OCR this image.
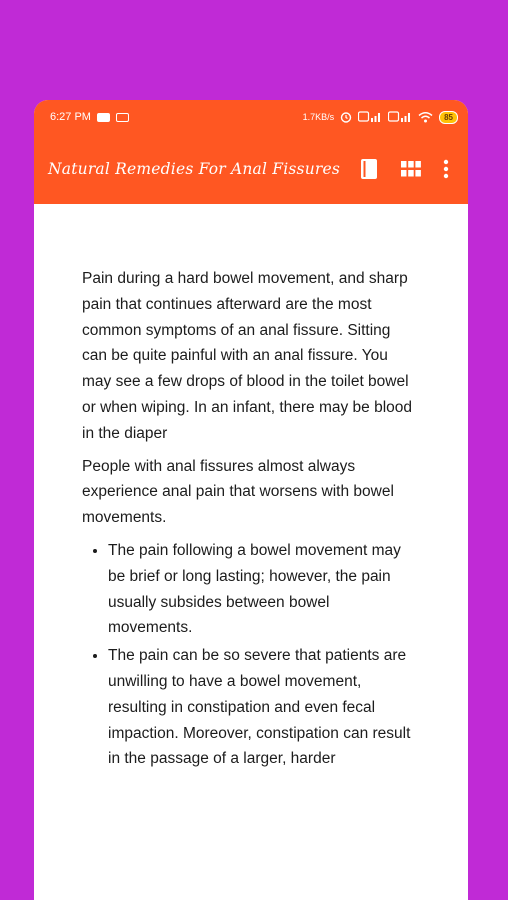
6:27 PM	1.7KB/s	85
Natural Remedies For Anal Fissures

Pain during a hard bowel movement, and sharp pain that continues afterward are the most common symptoms of an anal fissure. Sitting can be quite painful with an anal fissure. You may see a few drops of blood in the toilet bowel or when wiping. In an infant, there may be blood in the diaper

People with anal fissures almost always experience anal pain that worsens with bowel movements.

• The pain following a bowel movement may be brief or long lasting; however, the pain usually subsides between bowel movements.
• The pain can be so severe that patients are unwilling to have a bowel movement, resulting in constipation and even fecal impaction. Moreover, constipation can result in the passage of a larger, harder
